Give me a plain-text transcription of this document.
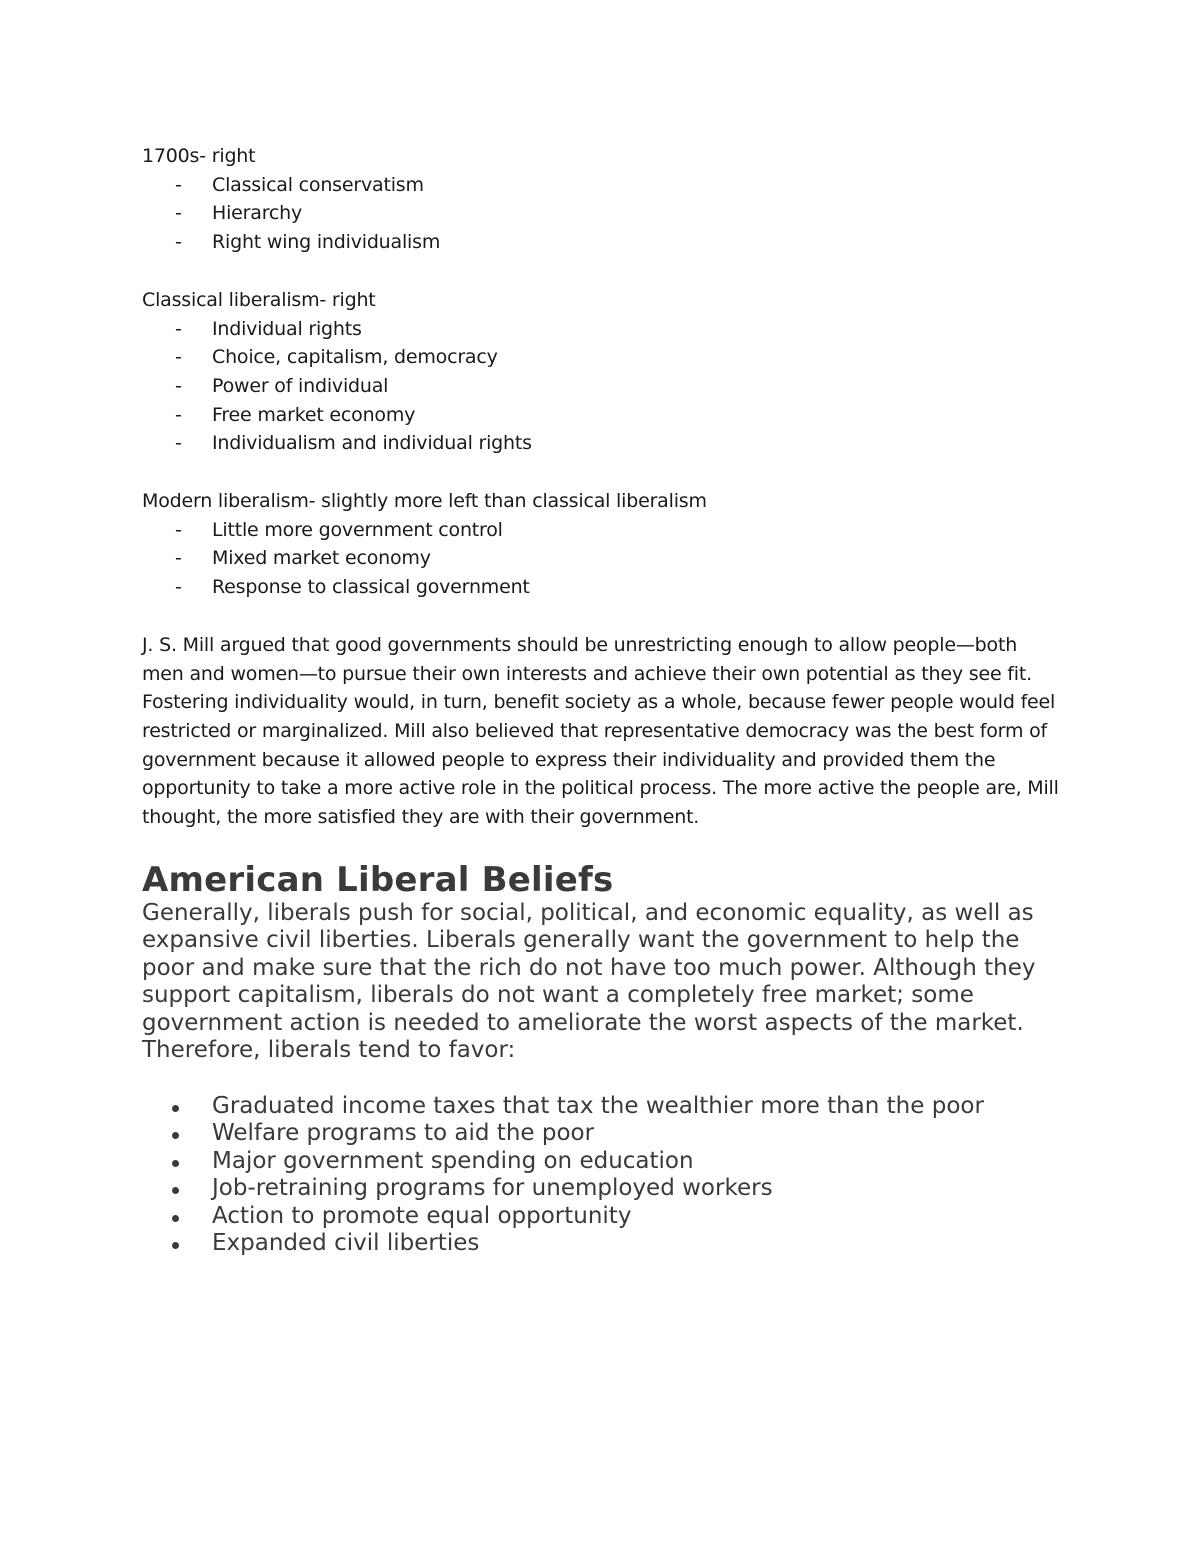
1700s- right

- Classical conservatism
- Hierarchy
- Right wing individualism

Classical liberalism- right

- Individual rights
- Choice, capitalism, democracy
- Power of individual
- Free market economy
- Individualism and individual rights

Modern liberalism- slightly more left than classical liberalism

- Little more government control
- Mixed market economy
- Response to classical government

J. S. Mill argued that good governments should be unrestricting enough to allow people—both men and women—to pursue their own interests and achieve their own potential as they see fit. Fostering individuality would, in turn, benefit society as a whole, because fewer people would feel restricted or marginalized. Mill also believed that representative democracy was the best form of government because it allowed people to express their individuality and provided them the opportunity to take a more active role in the political process. The more active the people are, Mill thought, the more satisfied they are with their government.

American Liberal Beliefs

Generally, liberals push for social, political, and economic equality, as well as expansive civil liberties. Liberals generally want the government to help the poor and make sure that the rich do not have too much power. Although they support capitalism, liberals do not want a completely free market; some government action is needed to ameliorate the worst aspects of the market. Therefore, liberals tend to favor:

Graduated income taxes that tax the wealthier more than the poor
Welfare programs to aid the poor
Major government spending on education
Job-retraining programs for unemployed workers
Action to promote equal opportunity
Expanded civil liberties
